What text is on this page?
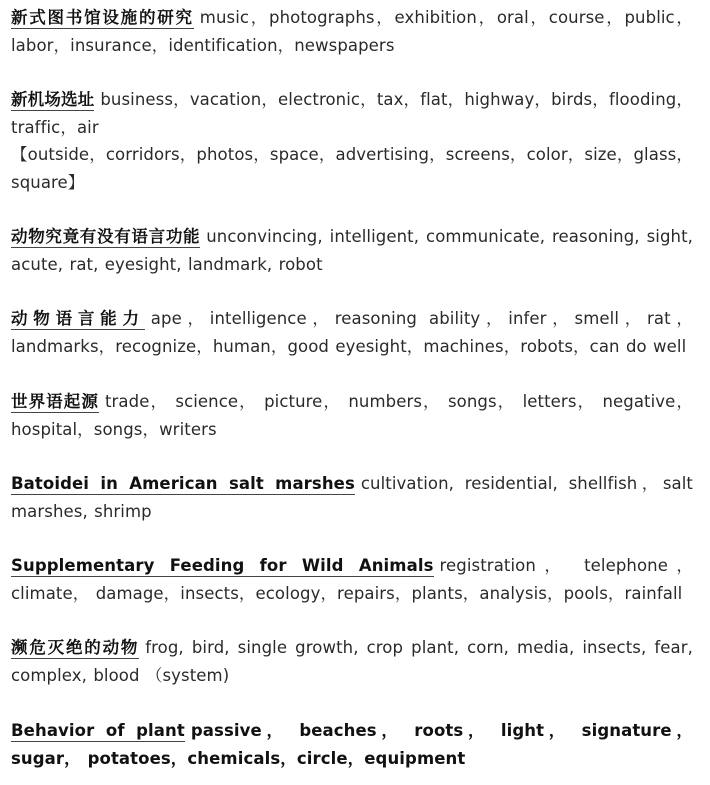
新式图书馆设施的研究 music，photographs，exhibition，oral，course，public，labor，insurance，identification，newspapers
新机场选址 business，vacation，electronic，tax，flat，highway，birds，flooding，traffic，air
【outside，corridors，photos，space，advertising，screens，color，size，glass，square】
动物究竟有没有语言功能 unconvincing, intelligent, communicate, reasoning, sight, acute, rat, eyesight, landmark, robot
动物语言能力 ape，intelligence，reasoning ability，infer，smell，rat，landmarks，recognize，human，good eyesight，machines，robots，can do well
世界语起源 trade， science， picture， numbers， songs， letters， negative， hospital，songs，writers
Batoidei in American salt marshes cultivation, residential, shellfish，salt marshes, shrimp
Supplementary Feeding for Wild Animals registration， telephone， climate， damage，insects，ecology，repairs，plants，analysis，pools，rainfall
濒危灭绝的动物 frog, bird, single growth, crop plant, corn, media, insects, fear, complex, blood （system)
Behavior of plant passive， beaches， roots， light， signature， sugar， potatoes，chemicals，circle，equipment
